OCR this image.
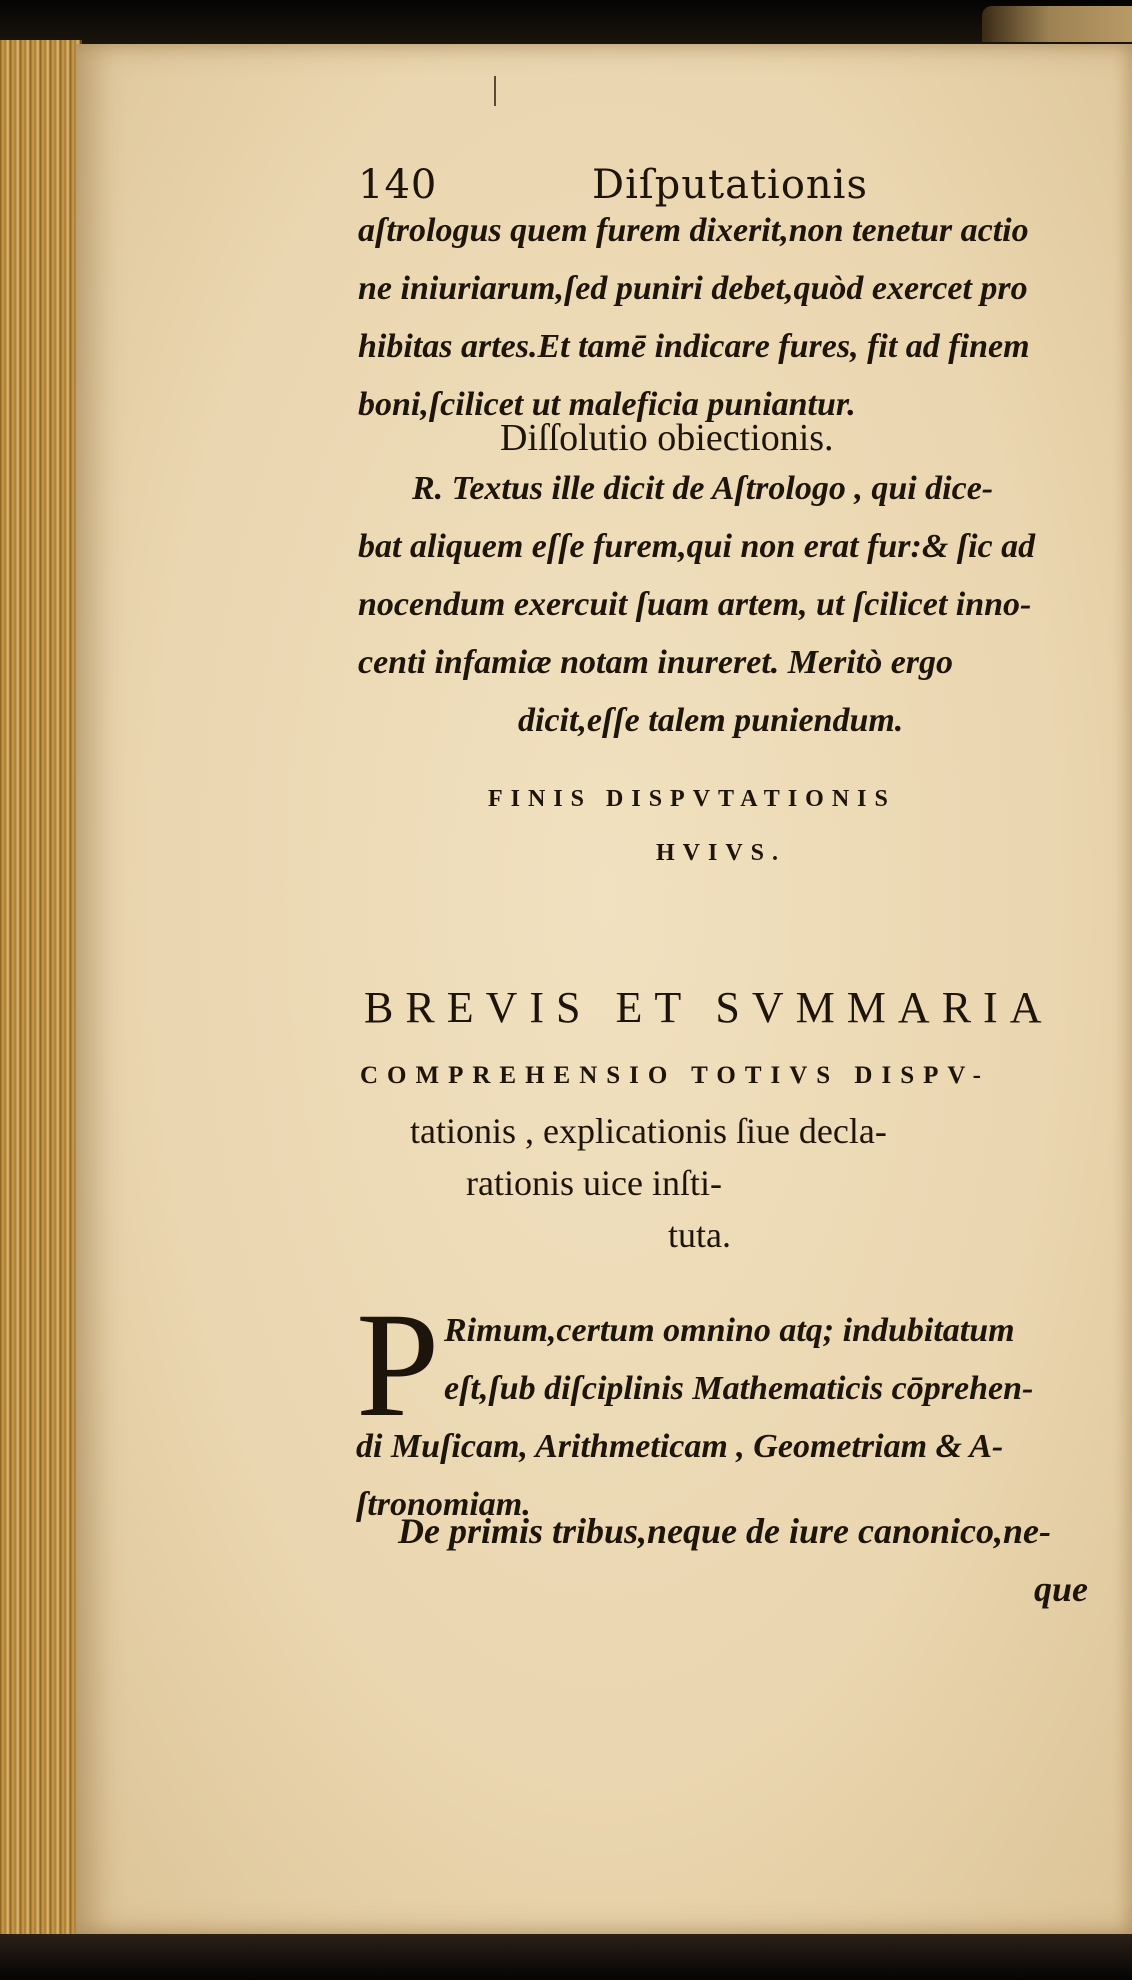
140	Diſputationis
aſtrologus quem furem dixerit,non tenetur actio
ne iniuriarum,ſed puniri debet,quòd exercet pro
hibitas artes.Et tamē indicare fures, fit ad finem
boni,ſcilicet ut maleficia puniantur.
Diſſolutio obiectionis.
R. Textus ille dicit de Aſtrologo , qui dice-
bat aliquem eſſe furem,qui non erat fur:& ſic ad
nocendum exercuit ſuam artem, ut ſcilicet inno-
centi infamiæ notam inureret. Meritò ergo
dicit,eſſe talem puniendum.
FINIS DISPVTATIONIS
HVIVS.
BREVIS ET SVMMARIA
COMPREHENSIO TOTIVS DISPV-
tationis , explicationis ſiue decla-
rationis uice inſti-
tuta.
P Rimum,certum omnino atq; indubitatum
eſt,ſub diſciplinis Mathematicis cōprehen-
di Muſicam, Arithmeticam , Geometriam & A-
ſtronomiam.
De primis tribus,neque de iure canonico,ne-
que
